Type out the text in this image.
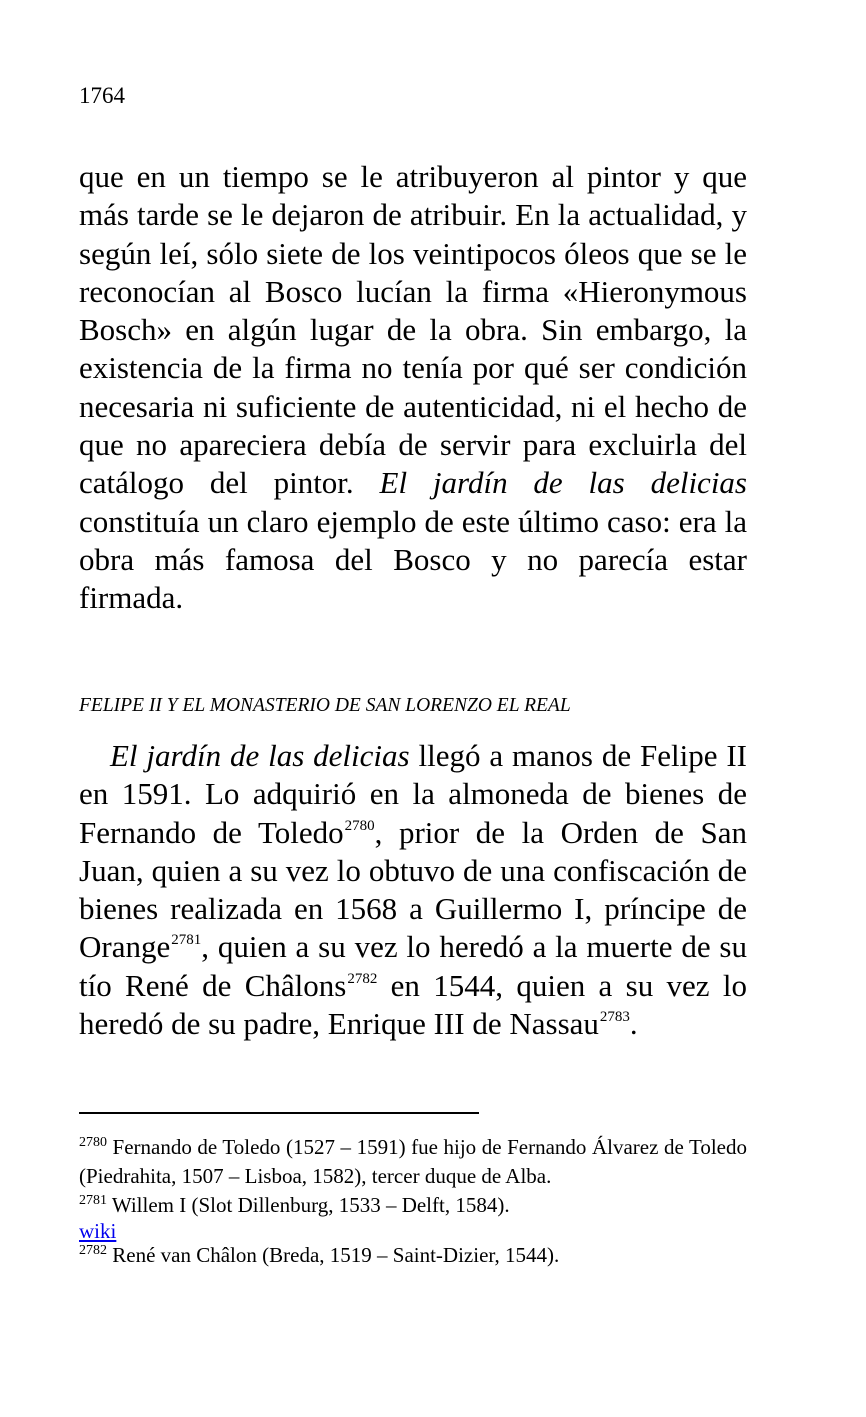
1764
que en un tiempo se le atribuyeron al pintor y que más tarde se le dejaron de atribuir. En la actualidad, y según leí, sólo siete de los veintipocos óleos que se le reconocían al Bosco lucían la firma «Hieronymous Bosch» en algún lugar de la obra. Sin embargo, la existencia de la firma no tenía por qué ser condición necesaria ni suficiente de autenticidad, ni el hecho de que no apareciera debía de servir para excluirla del catálogo del pintor. El jardín de las delicias constituía un claro ejemplo de este último caso: era la obra más famosa del Bosco y no parecía estar firmada.
FELIPE II Y EL MONASTERIO DE SAN LORENZO EL REAL
El jardín de las delicias llegó a manos de Felipe II en 1591. Lo adquirió en la almoneda de bienes de Fernando de Toledo$^{2780}$, prior de la Orden de San Juan, quien a su vez lo obtuvo de una confiscación de bienes realizada en 1568 a Guillermo I, príncipe de Orange$^{2781}$, quien a su vez lo heredó a la muerte de su tío René de Châlons$^{2782}$ en 1544, quien a su vez lo heredó de su padre, Enrique III de Nassau$^{2783}$.
$^{2780}$ Fernando de Toledo (1527 – 1591) fue hijo de Fernando Álvarez de Toledo (Piedrahita, 1507 – Lisboa, 1582), tercer duque de Alba.
$^{2781}$ Willem I (Slot Dillenburg, 1533 – Delft, 1584).
wiki
$^{2782}$ René van Châlon (Breda, 1519 – Saint-Dizier, 1544).
